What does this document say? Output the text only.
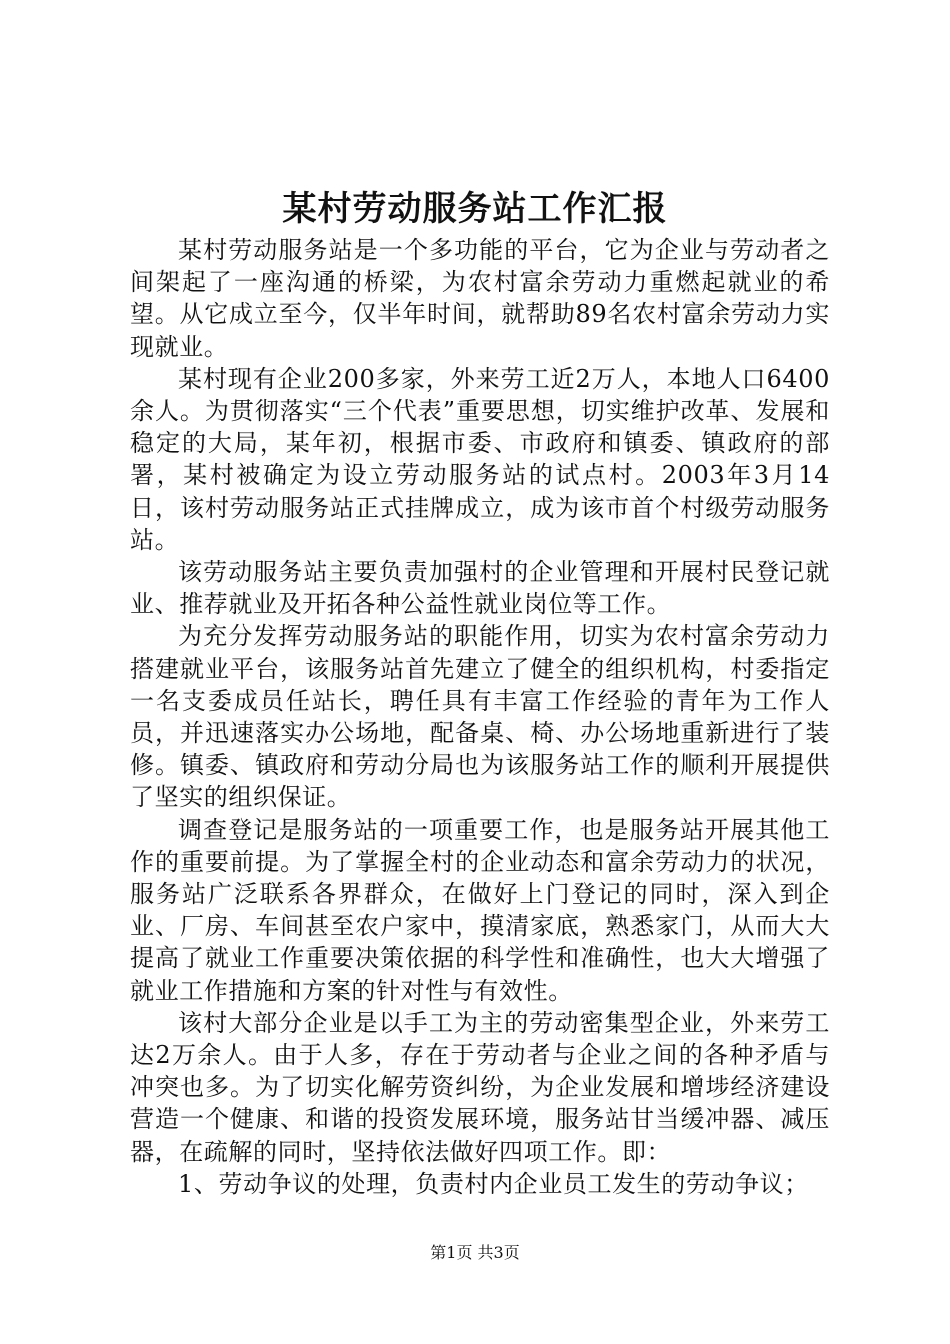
某村劳动服务站工作汇报

某村劳动服务站是一个多功能的平台，它为企业与劳动者之间架起了一座沟通的桥梁，为农村富余劳动力重燃起就业的希望。从它成立至今，仅半年时间，就帮助89名农村富余劳动力实现就业。

某村现有企业200多家，外来劳工近2万人，本地人口6400余人。为贯彻落实“三个代表”重要思想，切实维护改革、发展和稳定的大局，某年初，根据市委、市政府和镇委、镇政府的部署，某村被确定为设立劳动服务站的试点村。2003年3月14日，该村劳动服务站正式挂牌成立，成为该市首个村级劳动服务站。

该劳动服务站主要负责加强村的企业管理和开展村民登记就业、推荐就业及开拓各种公益性就业岗位等工作。

为充分发挥劳动服务站的职能作用，切实为农村富余劳动力搭建就业平台，该服务站首先建立了健全的组织机构，村委指定一名支委成员任站长，聘任具有丰富工作经验的青年为工作人员，并迅速落实办公场地，配备桌、椅、办公场地重新进行了装修。镇委、镇政府和劳动分局也为该服务站工作的顺利开展提供了坚实的组织保证。

调查登记是服务站的一项重要工作，也是服务站开展其他工作的重要前提。为了掌握全村的企业动态和富余劳动力的状况，服务站广泛联系各界群众，在做好上门登记的同时，深入到企业、厂房、车间甚至农户家中，摸清家底，熟悉家门，从而大大提高了就业工作重要决策依据的科学性和准确性，也大大增强了就业工作措施和方案的针对性与有效性。

该村大部分企业是以手工为主的劳动密集型企业，外来劳工达2万余人。由于人多，存在于劳动者与企业之间的各种矛盾与冲突也多。为了切实化解劳资纠纷，为企业发展和增埗经济建设营造一个健康、和谐的投资发展环境，服务站甘当缓冲器、减压器，在疏解的同时，坚持依法做好四项工作。即：

1、劳动争议的处理，负责村内企业员工发生的劳动争议；

第1页 共3页
